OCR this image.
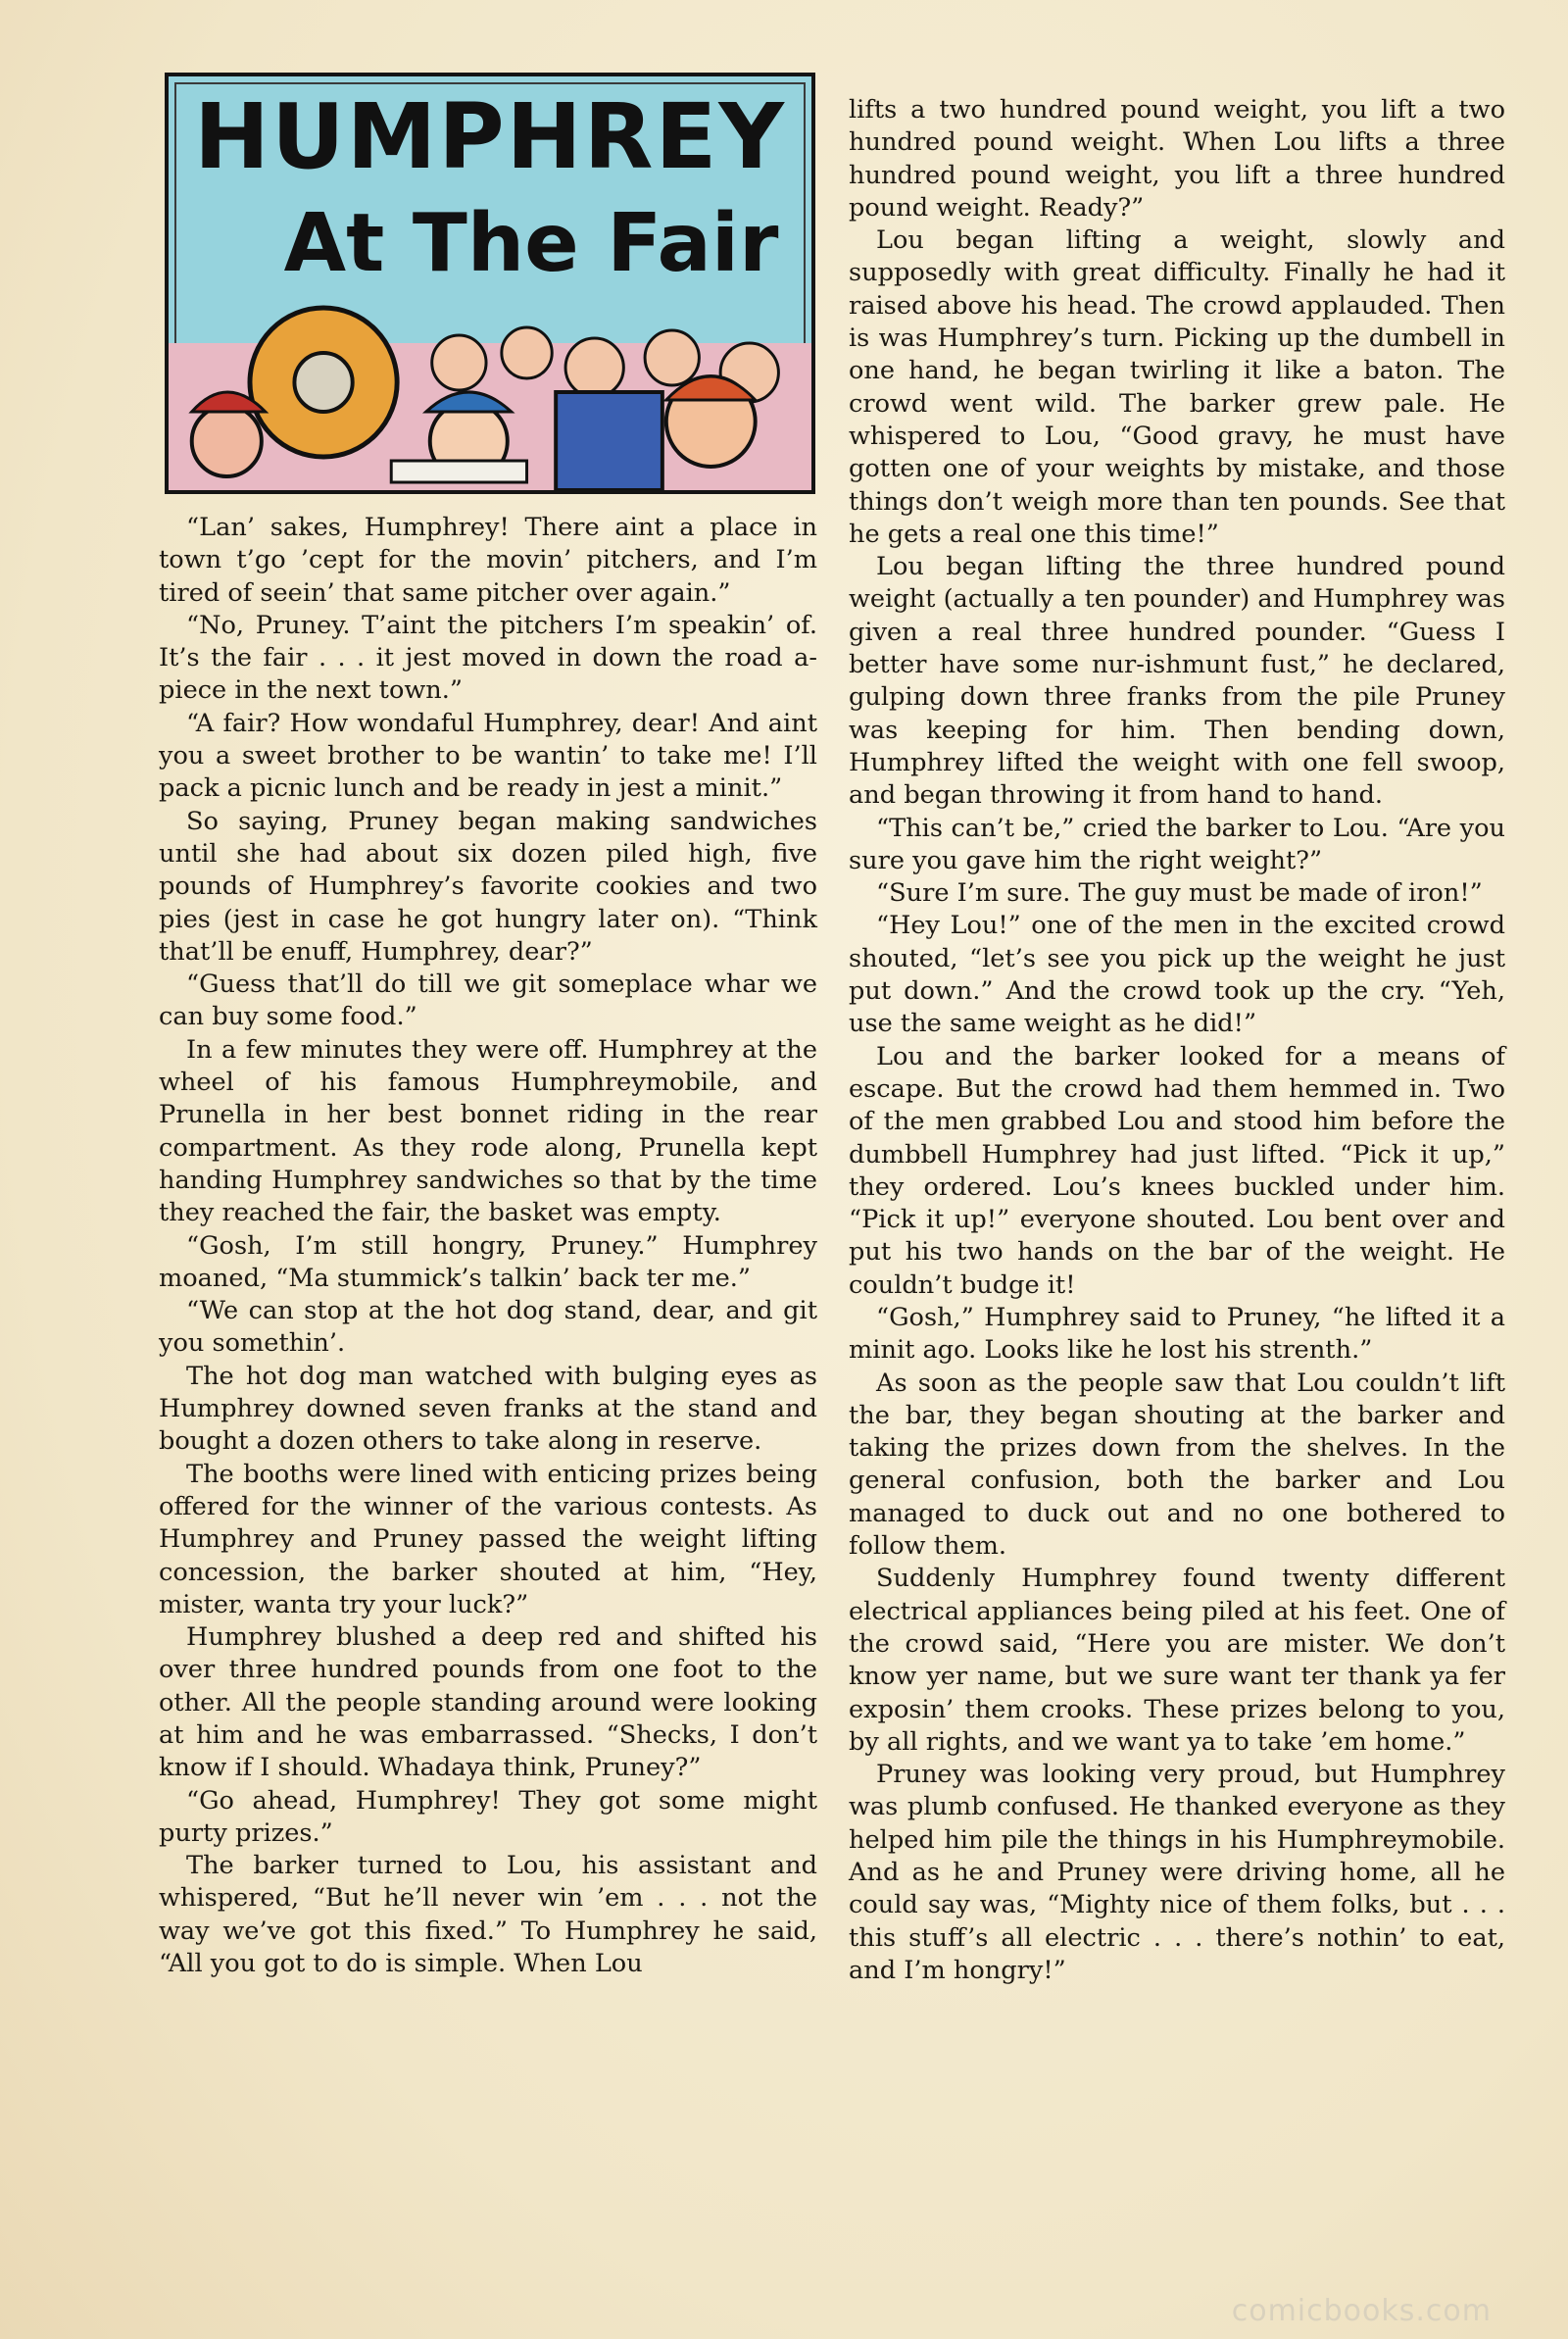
HUMPHREY
At The Fair

“Lan’ sakes, Humphrey! There aint a place in town t’go ’cept for the movin’ pitchers, and I’m tired of seein’ that same pitcher over again.”

“No, Pruney. T’aint the pitchers I’m speakin’ of. It’s the fair . . . it jest moved in down the road a-piece in the next town.”

“A fair? How wondaful Humphrey, dear! And aint you a sweet brother to be wantin’ to take me! I’ll pack a picnic lunch and be ready in jest a minit.”

So saying, Pruney began making sandwiches until she had about six dozen piled high, five pounds of Humphrey’s favorite cookies and two pies (jest in case he got hungry later on). “Think that’ll be enuff, Humphrey, dear?”

“Guess that’ll do till we git someplace whar we can buy some food.”

In a few minutes they were off. Humphrey at the wheel of his famous Humphreymobile, and Prunella in her best bonnet riding in the rear compartment. As they rode along, Prunella kept handing Humphrey sandwiches so that by the time they reached the fair, the basket was empty.

“Gosh, I’m still hongry, Pruney.” Humphrey moaned, “Ma stummick’s talkin’ back ter me.”

“We can stop at the hot dog stand, dear, and git you somethin’.

The hot dog man watched with bulging eyes as Humphrey downed seven franks at the stand and bought a dozen others to take along in reserve.

The booths were lined with enticing prizes being offered for the winner of the various contests. As Humphrey and Pruney passed the weight lifting concession, the barker shouted at him, “Hey, mister, wanta try your luck?”

Humphrey blushed a deep red and shifted his over three hundred pounds from one foot to the other. All the people standing around were looking at him and he was embarrassed. “Shecks, I don’t know if I should. Whadaya think, Pruney?”

“Go ahead, Humphrey! They got some might purty prizes.”

The barker turned to Lou, his assistant and whispered, “But he’ll never win ’em . . . not the way we’ve got this fixed.” To Humphrey he said, “All you got to do is simple. When Lou

lifts a two hundred pound weight, you lift a two hundred pound weight. When Lou lifts a three hundred pound weight, you lift a three hundred pound weight. Ready?”

Lou began lifting a weight, slowly and supposedly with great difficulty. Finally he had it raised above his head. The crowd applauded. Then is was Humphrey’s turn. Picking up the dumbell in one hand, he began twirling it like a baton. The crowd went wild. The barker grew pale. He whispered to Lou, “Good gravy, he must have gotten one of your weights by mistake, and those things don’t weigh more than ten pounds. See that he gets a real one this time!”

Lou began lifting the three hundred pound weight (actually a ten pounder) and Humphrey was given a real three hundred pounder. “Guess I better have some nur-ishmunt fust,” he declared, gulping down three franks from the pile Pruney was keeping for him. Then bending down, Humphrey lifted the weight with one fell swoop, and began throwing it from hand to hand.

“This can’t be,” cried the barker to Lou. “Are you sure you gave him the right weight?”

“Sure I’m sure. The guy must be made of iron!”

“Hey Lou!” one of the men in the excited crowd shouted, “let’s see you pick up the weight he just put down.” And the crowd took up the cry. “Yeh, use the same weight as he did!”

Lou and the barker looked for a means of escape. But the crowd had them hemmed in. Two of the men grabbed Lou and stood him before the dumbbell Humphrey had just lifted. “Pick it up,” they ordered. Lou’s knees buckled under him. “Pick it up!” everyone shouted. Lou bent over and put his two hands on the bar of the weight. He couldn’t budge it!

“Gosh,” Humphrey said to Pruney, “he lifted it a minit ago. Looks like he lost his strenth.”

As soon as the people saw that Lou couldn’t lift the bar, they began shouting at the barker and taking the prizes down from the shelves. In the general confusion, both the barker and Lou managed to duck out and no one bothered to follow them.

Suddenly Humphrey found twenty different electrical appliances being piled at his feet. One of the crowd said, “Here you are mister. We don’t know yer name, but we sure want ter thank ya fer exposin’ them crooks. These prizes belong to you, by all rights, and we want ya to take ’em home.”

Pruney was looking very proud, but Humphrey was plumb confused. He thanked everyone as they helped him pile the things in his Humphreymobile. And as he and Pruney were driving home, all he could say was, “Mighty nice of them folks, but . . . this stuff’s all electric . . . there’s nothin’ to eat, and I’m hongry!”

comicbooks.com
